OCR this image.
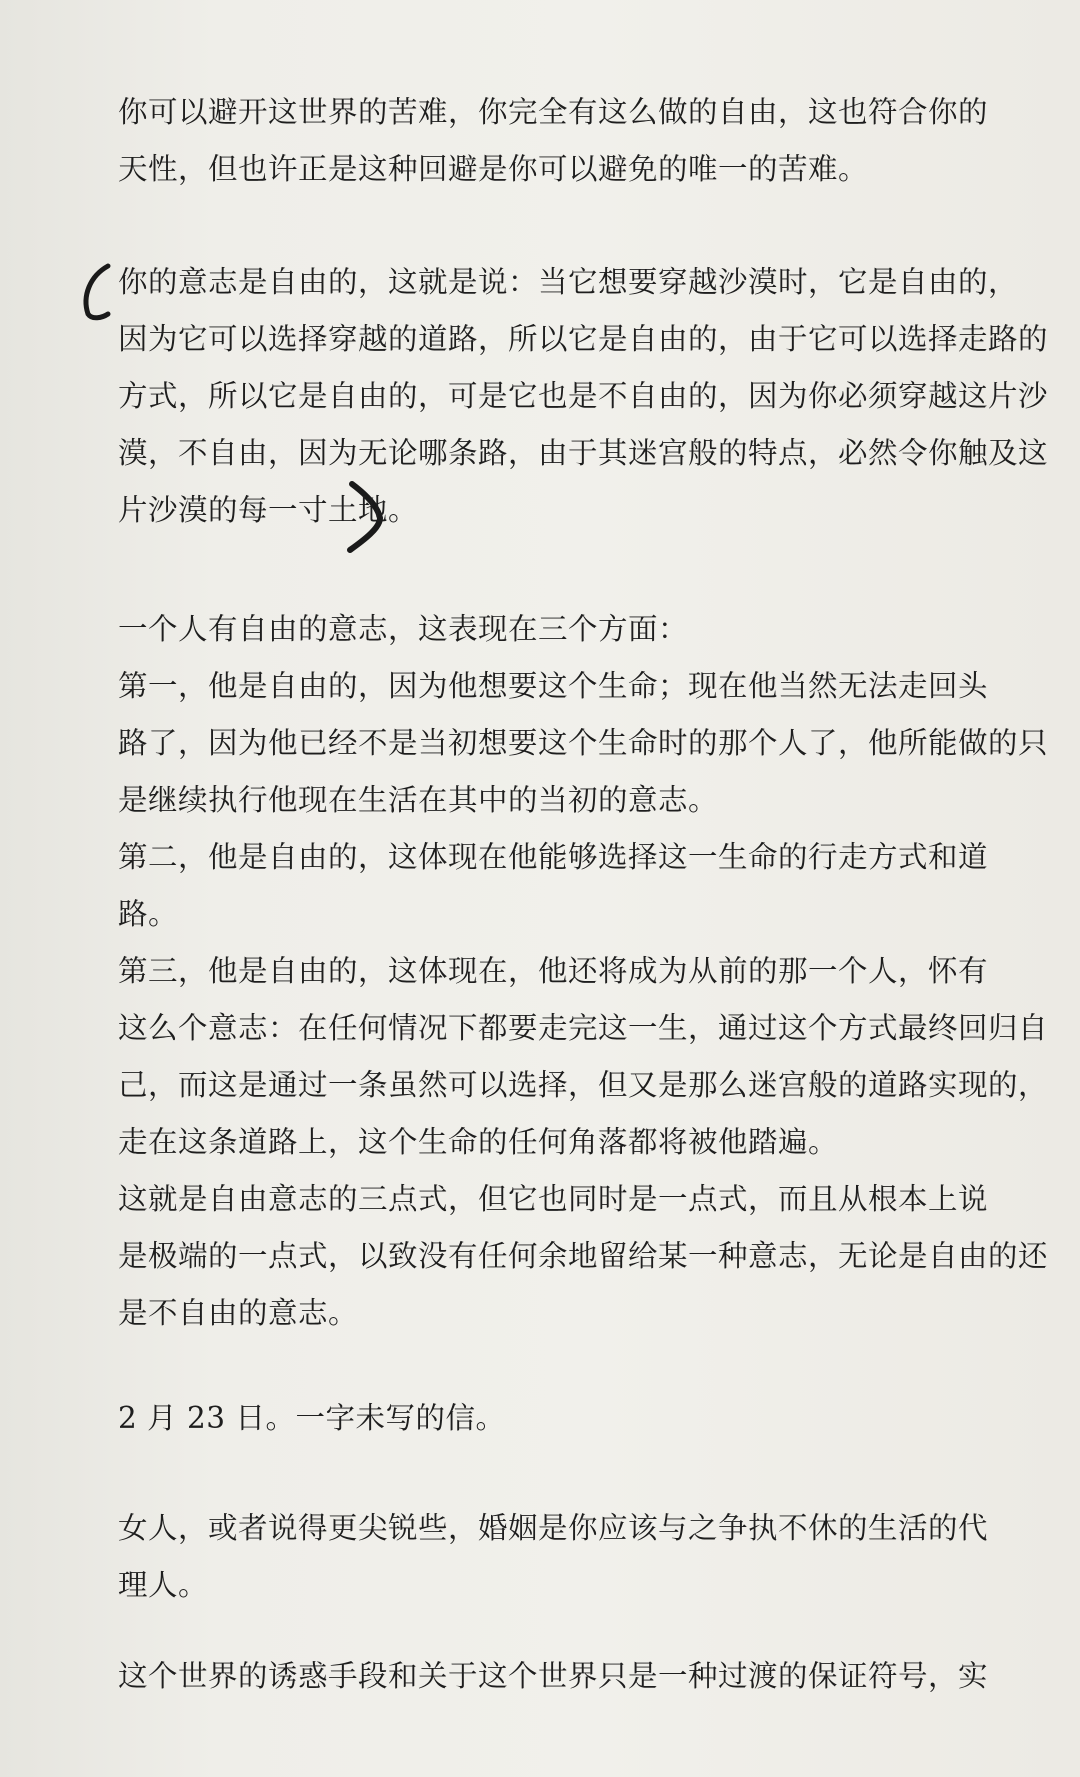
你可以避开这世界的苦难，你完全有这么做的自由，这也符合你的
天性，但也许正是这种回避是你可以避免的唯一的苦难。

你的意志是自由的，这就是说：当它想要穿越沙漠时，它是自由的，
因为它可以选择穿越的道路，所以它是自由的，由于它可以选择走路的
方式，所以它是自由的，可是它也是不自由的，因为你必须穿越这片沙
漠，不自由，因为无论哪条路，由于其迷宫般的特点，必然令你触及这
片沙漠的每一寸土地。

一个人有自由的意志，这表现在三个方面：

第一，他是自由的，因为他想要这个生命；现在他当然无法走回头
路了，因为他已经不是当初想要这个生命时的那个人了，他所能做的只
是继续执行他现在生活在其中的当初的意志。

第二，他是自由的，这体现在他能够选择这一生命的行走方式和道
路。

第三，他是自由的，这体现在，他还将成为从前的那一个人，怀有
这么个意志：在任何情况下都要走完这一生，通过这个方式最终回归自
己，而这是通过一条虽然可以选择，但又是那么迷宫般的道路实现的，
走在这条道路上，这个生命的任何角落都将被他踏遍。

这就是自由意志的三点式，但它也同时是一点式，而且从根本上说
是极端的一点式，以致没有任何余地留给某一种意志，无论是自由的还
是不自由的意志。

2 月 23 日。一字未写的信。

女人，或者说得更尖锐些，婚姻是你应该与之争执不休的生活的代
理人。

这个世界的诱惑手段和关于这个世界只是一种过渡的保证符号，实
